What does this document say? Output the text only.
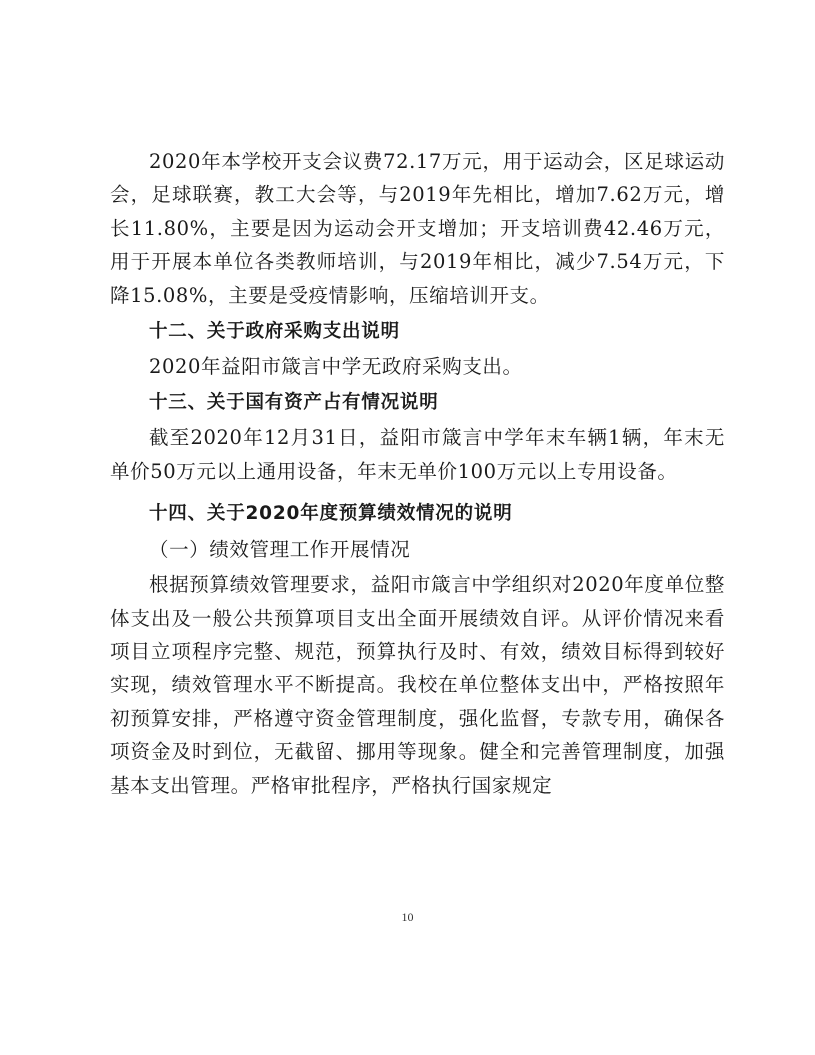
2020年本学校开支会议费72.17万元，用于运动会，区足球运动会，足球联赛，教工大会等，与2019年先相比，增加7.62万元，增长11.80%，主要是因为运动会开支增加；开支培训费42.46万元，用于开展本单位各类教师培训，与2019年相比，减少7.54万元，下降15.08%，主要是受疫情影响，压缩培训开支。

十二、关于政府采购支出说明

2020年益阳市箴言中学无政府采购支出。

十三、关于国有资产占有情况说明

截至2020年12月31日，益阳市箴言中学年末车辆1辆，年末无单价50万元以上通用设备，年末无单价100万元以上专用设备。

十四、关于2020年度预算绩效情况的说明

（一）绩效管理工作开展情况

根据预算绩效管理要求，益阳市箴言中学组织对2020年度单位整体支出及一般公共预算项目支出全面开展绩效自评。从评价情况来看项目立项程序完整、规范，预算执行及时、有效，绩效目标得到较好实现，绩效管理水平不断提高。我校在单位整体支出中，严格按照年初预算安排，严格遵守资金管理制度，强化监督，专款专用，确保各项资金及时到位，无截留、挪用等现象。健全和完善管理制度，加强基本支出管理。严格审批程序，严格执行国家规定

10
